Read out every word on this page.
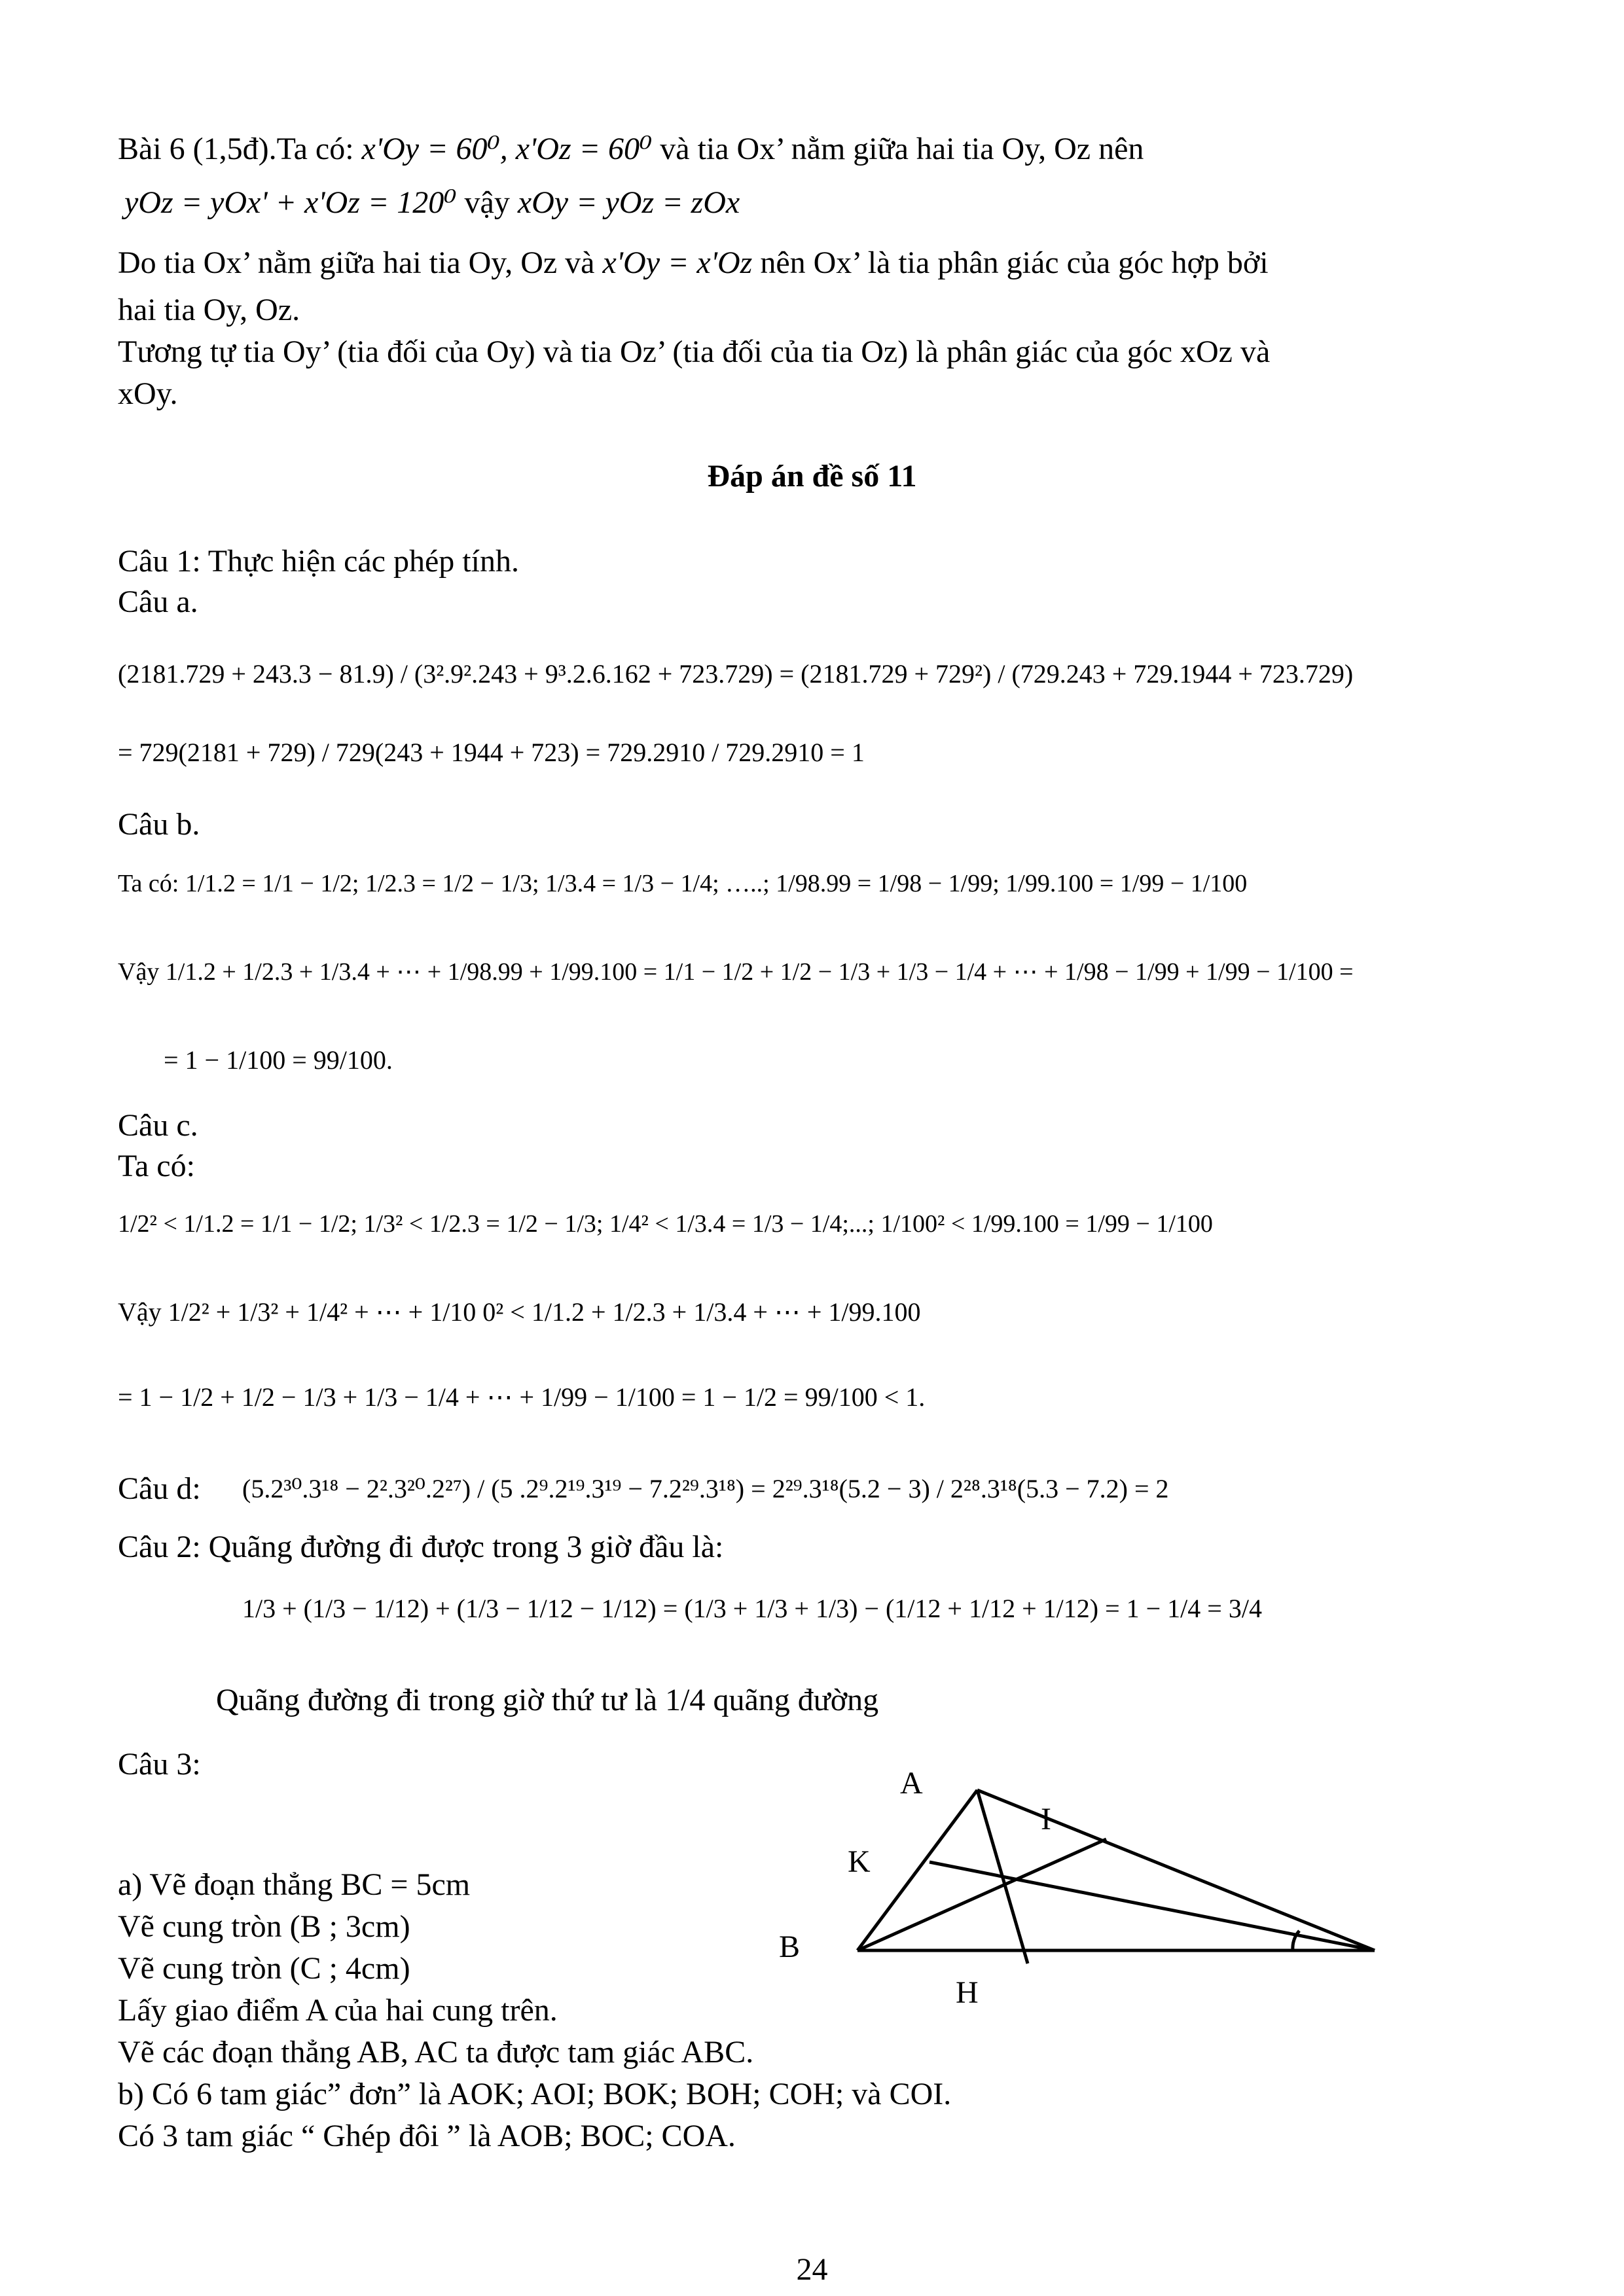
Bài 6 (1,5đ).Ta có: x'Oy = 60⁰, x'Oz = 60⁰ và tia Ox’ nằm giữa hai tia Oy, Oz nên
yOz = yOx' + x'Oz = 120⁰ vậy xOy = yOz = zOx
Do tia Ox’ nằm giữa hai tia Oy, Oz và x'Oy = x'Oz nên Ox’ là tia phân giác của góc hợp bởi
hai tia Oy, Oz.
Tương tự tia Oy’ (tia đối của Oy) và tia Oz’ (tia đối của tia Oz) là phân giác của góc xOz và
xOy.
Đáp án đề số 11
Câu 1: Thực hiện các phép tính.
Câu a.
(2181.729 + 243.3 − 81.9) / (3².9².243 + 9³.2.6.162 + 723.729) = (2181.729 + 729²) / (729.243 + 729.1944 + 723.729)
= 729(2181 + 729) / 729(243 + 1944 + 723) = 729.2910 / 729.2910 = 1
Câu b.
Ta có: 1/1.2 = 1/1 − 1/2; 1/2.3 = 1/2 − 1/3; 1/3.4 = 1/3 − 1/4; …..; 1/98.99 = 1/98 − 1/99; 1/99.100 = 1/99 − 1/100
Vậy 1/1.2 + 1/2.3 + 1/3.4 + ⋯ + 1/98.99 + 1/99.100 = 1/1 − 1/2 + 1/2 − 1/3 + 1/3 − 1/4 + ⋯ + 1/98 − 1/99 + 1/99 − 1/100 =
= 1 − 1/100 = 99/100.
Câu c.
Ta có:
1/2² < 1/1.2 = 1/1 − 1/2; 1/3² < 1/2.3 = 1/2 − 1/3; 1/4² < 1/3.4 = 1/3 − 1/4;...; 1/100² < 1/99.100 = 1/99 − 1/100
Vậy 1/2² + 1/3² + 1/4² + ⋯ + 1/10 0² < 1/1.2 + 1/2.3 + 1/3.4 + ⋯ + 1/99.100
= 1 − 1/2 + 1/2 − 1/3 + 1/3 − 1/4 + ⋯ + 1/99 − 1/100 = 1 − 1/2 = 99/100 < 1.
Câu d: (5.2³⁰.3¹⁸ − 2².3²⁰.2²⁷) / (5 .2⁹.2¹⁹.3¹⁹ − 7.2²⁹.3¹⁸) = 2²⁹.3¹⁸(5.2 − 3) / 2²⁸.3¹⁸(5.3 − 7.2) = 2
Câu 2: Quãng đường đi được trong 3 giờ đầu là:
1/3 + (1/3 − 1/12) + (1/3 − 1/12 − 1/12) = (1/3 + 1/3 + 1/3) − (1/12 + 1/12 + 1/12) = 1 − 1/4 = 3/4
Quãng đường đi trong giờ thứ tư là 1/4 quãng đường
Câu 3:
a) Vẽ đoạn thẳng BC = 5cm
Vẽ cung tròn (B ; 3cm)
Vẽ cung tròn (C ; 4cm)
Lấy giao điểm A của hai cung trên.
Vẽ các đoạn thẳng AB, AC ta được tam giác ABC.
b) Có 6 tam giác” đơn” là AOK; AOI; BOK; BOH; COH; và COI.
Có 3 tam giác “ Ghép đôi ” là AOB; BOC; COA.
A
I
K
B
H
C
24
